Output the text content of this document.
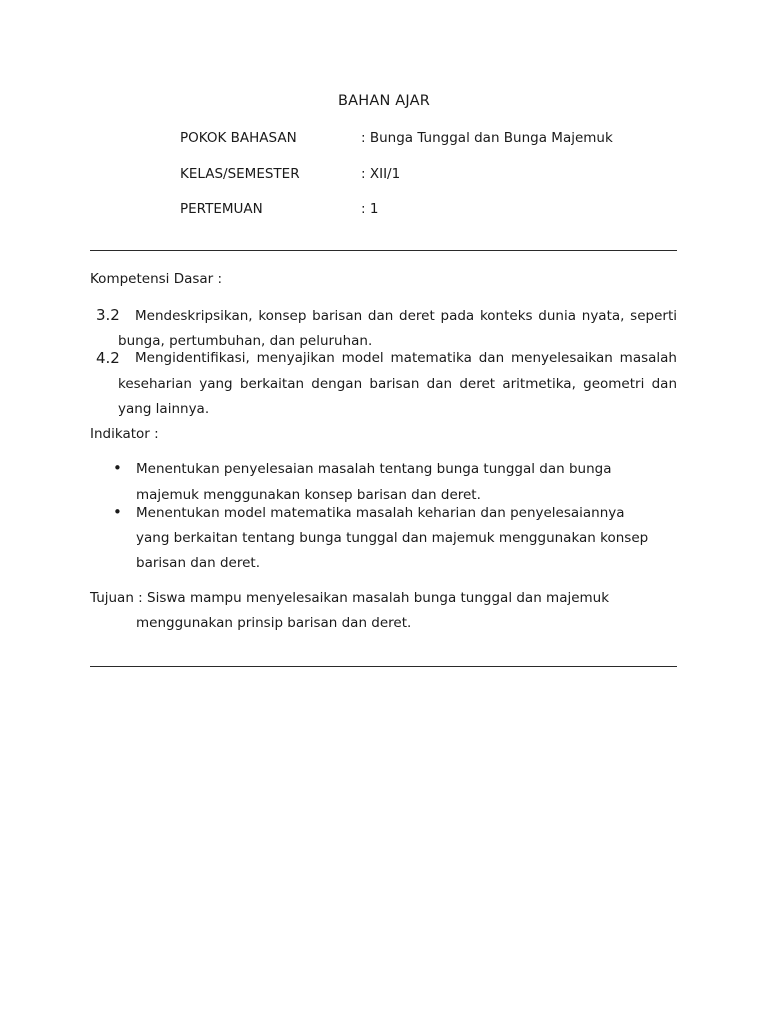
BAHAN AJAR
POKOK BAHASAN	: Bunga Tunggal dan Bunga Majemuk
KELAS/SEMESTER	: XII/1
PERTEMUAN	: 1
Kompetensi Dasar :
3.2 Mendeskripsikan, konsep barisan dan deret pada konteks dunia nyata, seperti
bunga, pertumbuhan, dan peluruhan.
4.2 Mengidentifikasi, menyajikan model matematika dan menyelesaikan masalah
keseharian yang berkaitan dengan barisan dan deret aritmetika, geometri dan
yang lainnya.
Indikator :
• Menentukan penyelesaian masalah tentang bunga tunggal dan bunga
majemuk menggunakan konsep barisan dan deret.
• Menentukan model matematika masalah keharian dan penyelesaiannya
yang berkaitan tentang bunga tunggal dan majemuk menggunakan konsep
barisan dan deret.
Tujuan : Siswa mampu menyelesaikan masalah bunga tunggal dan majemuk
menggunakan prinsip barisan dan deret.
